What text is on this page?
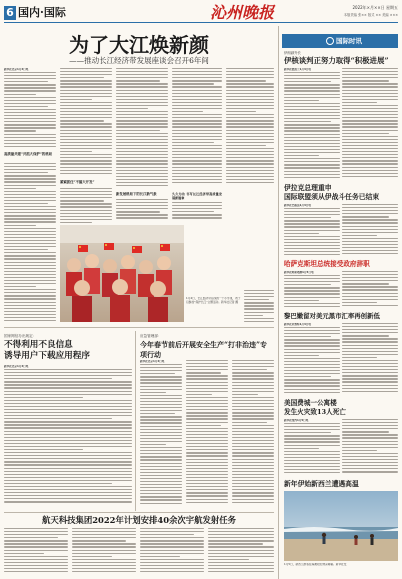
6 国内·国际	沁州晚报	2022年×月××日 星期五
本版责编 张×× 版式 ×× 美编 ×××
为了大江焕新颜
——推动长江经济带发展座谈会召开6年间
新华社北京1月4日电
高质量共建“共抓大保护”的格局
紧紧抓住“不搞大开发”
新发展格局下的长江新气象	久久为功 书写长江经济带高质量发展新篇章
1月4日，长江经济带沿线的一个小学里，孩子们参加“保护长江”主题活动。新华社记者 摄
国际时讯
伊朗副外长
伊核谈判正努力取得“积极进展”
新华社德黑兰1月4日电
伊拉克总理重申
国际联盟须从伊战斗任务已结束
新华社巴格达1月4日电
哈萨克斯坦总统接受政府辞职
新华社阿斯塔纳1月5日电
黎巴嫩留对美元黑市汇率再创新低
新华社贝鲁特1月4日电
美国费城一公寓楼
发生火灾致13人死亡
新华社纽约1月5日电
新年伊始新西兰遭遇高温
1月5日，新西兰游客在海滩附近纳凉避暑。新华社发
国家网信办出规定：
不得利用不良信息
诱导用户下载应用程序
新华社北京1月4日电
应急管理部：
今年春节前后开展安全生产“打非治违”专项行动
新华社北京1月4日电
航天科技集团2022年计划安排40余次宇航发射任务
